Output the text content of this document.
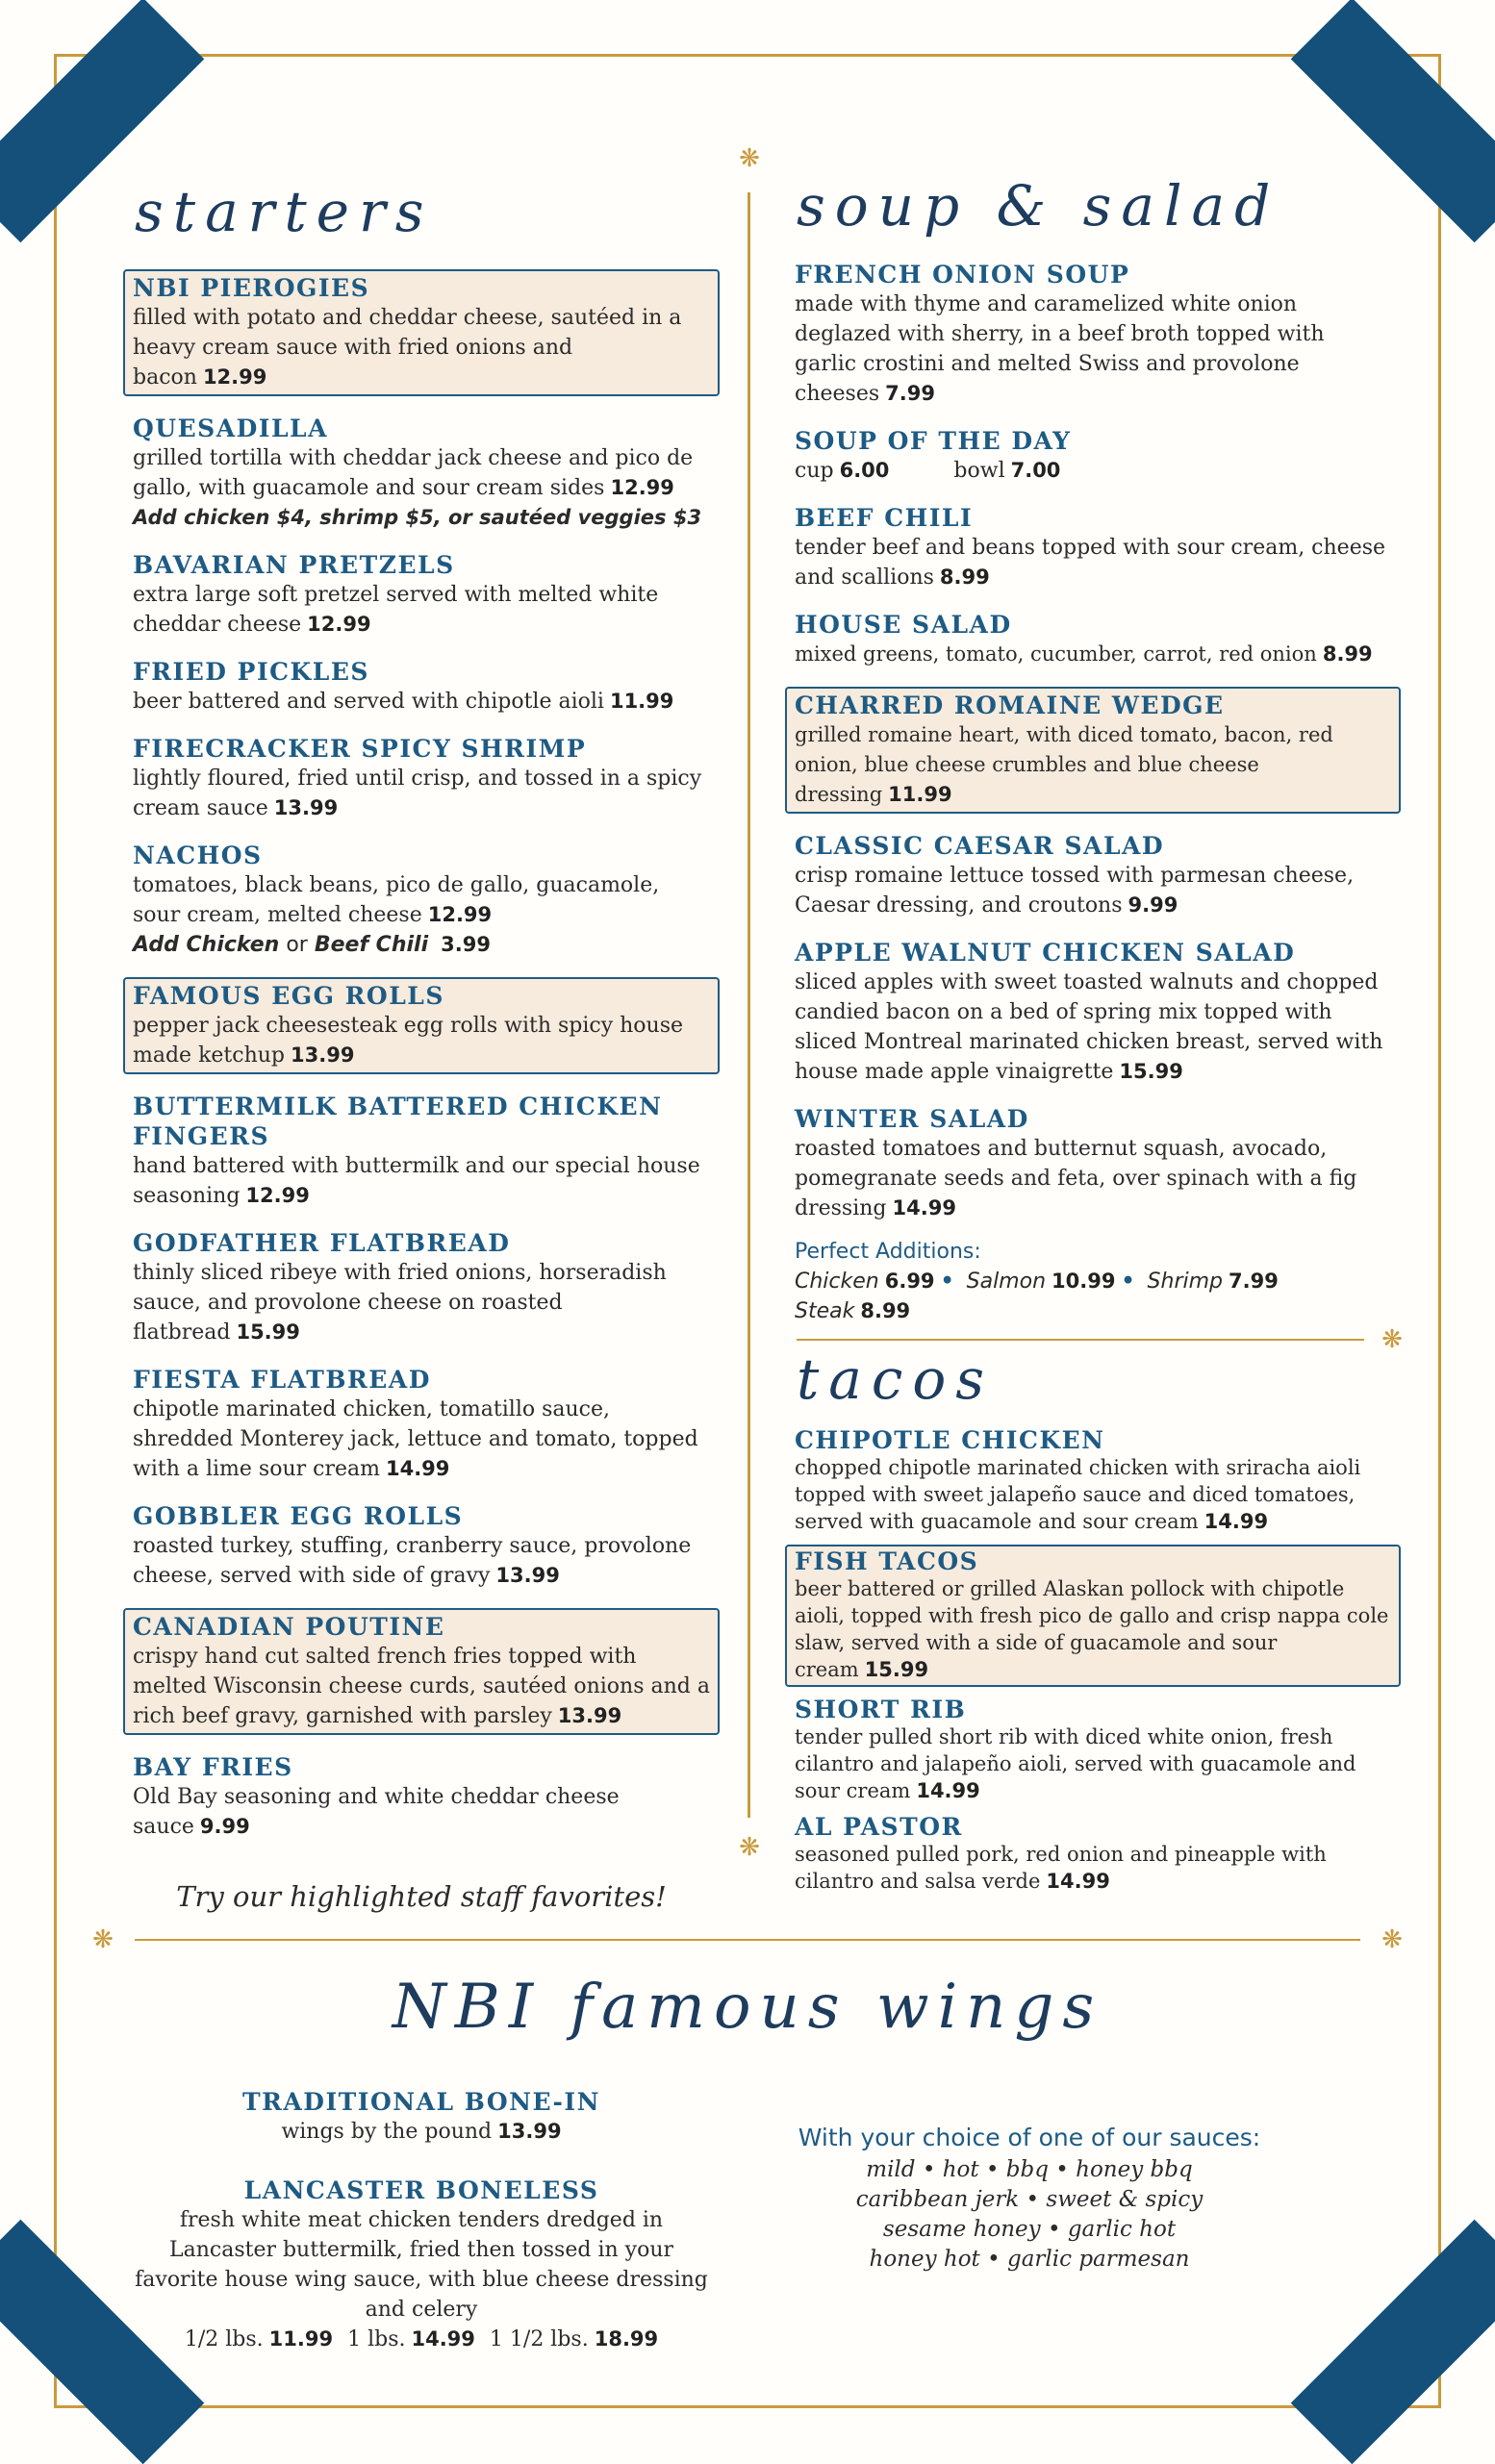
❋
❋
❋
❋	❋
starters
NBI PIEROGIES
filled with potato and cheddar cheese, sautéed in a heavy cream sauce with fried onions and bacon 12.99
QUESADILLA
grilled tortilla with cheddar jack cheese and pico de gallo, with guacamole and sour cream sides 12.99
Add chicken $4, shrimp $5, or sautéed veggies $3
BAVARIAN PRETZELS
extra large soft pretzel served with melted white cheddar cheese 12.99
FRIED PICKLES
beer battered and served with chipotle aioli 11.99
FIRECRACKER SPICY SHRIMP
lightly floured, fried until crisp, and tossed in a spicy cream sauce 13.99
NACHOS
tomatoes, black beans, pico de gallo, guacamole, sour cream, melted cheese 12.99
Add Chicken or Beef Chili 3.99
FAMOUS EGG ROLLS
pepper jack cheesesteak egg rolls with spicy house made ketchup 13.99
BUTTERMILK BATTERED CHICKEN FINGERS
hand battered with buttermilk and our special house seasoning 12.99
GODFATHER FLATBREAD
thinly sliced ribeye with fried onions, horseradish sauce, and provolone cheese on roasted flatbread 15.99
FIESTA FLATBREAD
chipotle marinated chicken, tomatillo sauce, shredded Monterey jack, lettuce and tomato, topped with a lime sour cream 14.99
GOBBLER EGG ROLLS
roasted turkey, stuffing, cranberry sauce, provolone cheese, served with side of gravy 13.99
CANADIAN POUTINE
crispy hand cut salted french fries topped with melted Wisconsin cheese curds, sautéed onions and a rich beef gravy, garnished with parsley 13.99
BAY FRIES
Old Bay seasoning and white cheddar cheese sauce 9.99
Try our highlighted staff favorites!
soup & salad
FRENCH ONION SOUP
made with thyme and caramelized white onion deglazed with sherry, in a beef broth topped with garlic crostini and melted Swiss and provolone cheeses 7.99
SOUP OF THE DAY
cup 6.00	bowl 7.00
BEEF CHILI
tender beef and beans topped with sour cream, cheese and scallions 8.99
HOUSE SALAD
mixed greens, tomato, cucumber, carrot, red onion 8.99
CHARRED ROMAINE WEDGE
grilled romaine heart, with diced tomato, bacon, red onion, blue cheese crumbles and blue cheese dressing 11.99
CLASSIC CAESAR SALAD
crisp romaine lettuce tossed with parmesan cheese, Caesar dressing, and croutons 9.99
APPLE WALNUT CHICKEN SALAD
sliced apples with sweet toasted walnuts and chopped candied bacon on a bed of spring mix topped with sliced Montreal marinated chicken breast, served with house made apple vinaigrette 15.99
WINTER SALAD
roasted tomatoes and butternut squash, avocado, pomegranate seeds and feta, over spinach with a fig dressing 14.99
Perfect Additions:
Chicken 6.99 • Salmon 10.99 • Shrimp 7.99
Steak 8.99
tacos
CHIPOTLE CHICKEN
chopped chipotle marinated chicken with sriracha aioli topped with sweet jalapeño sauce and diced tomatoes, served with guacamole and sour cream 14.99
FISH TACOS
beer battered or grilled Alaskan pollock with chipotle aioli, topped with fresh pico de gallo and crisp nappa cole slaw, served with a side of guacamole and sour cream 15.99
SHORT RIB
tender pulled short rib with diced white onion, fresh cilantro and jalapeño aioli, served with guacamole and sour cream 14.99
AL PASTOR
seasoned pulled pork, red onion and pineapple with cilantro and salsa verde 14.99
NBI famous wings
TRADITIONAL BONE-IN
wings by the pound 13.99
LANCASTER BONELESS
fresh white meat chicken tenders dredged in Lancaster buttermilk, fried then tossed in your favorite house wing sauce, with blue cheese dressing and celery
1/2 lbs. 11.99 1 lbs. 14.99 1 1/2 lbs. 18.99
With your choice of one of our sauces:
mild • hot • bbq • honey bbq
caribbean jerk • sweet & spicy
sesame honey • garlic hot
honey hot • garlic parmesan
